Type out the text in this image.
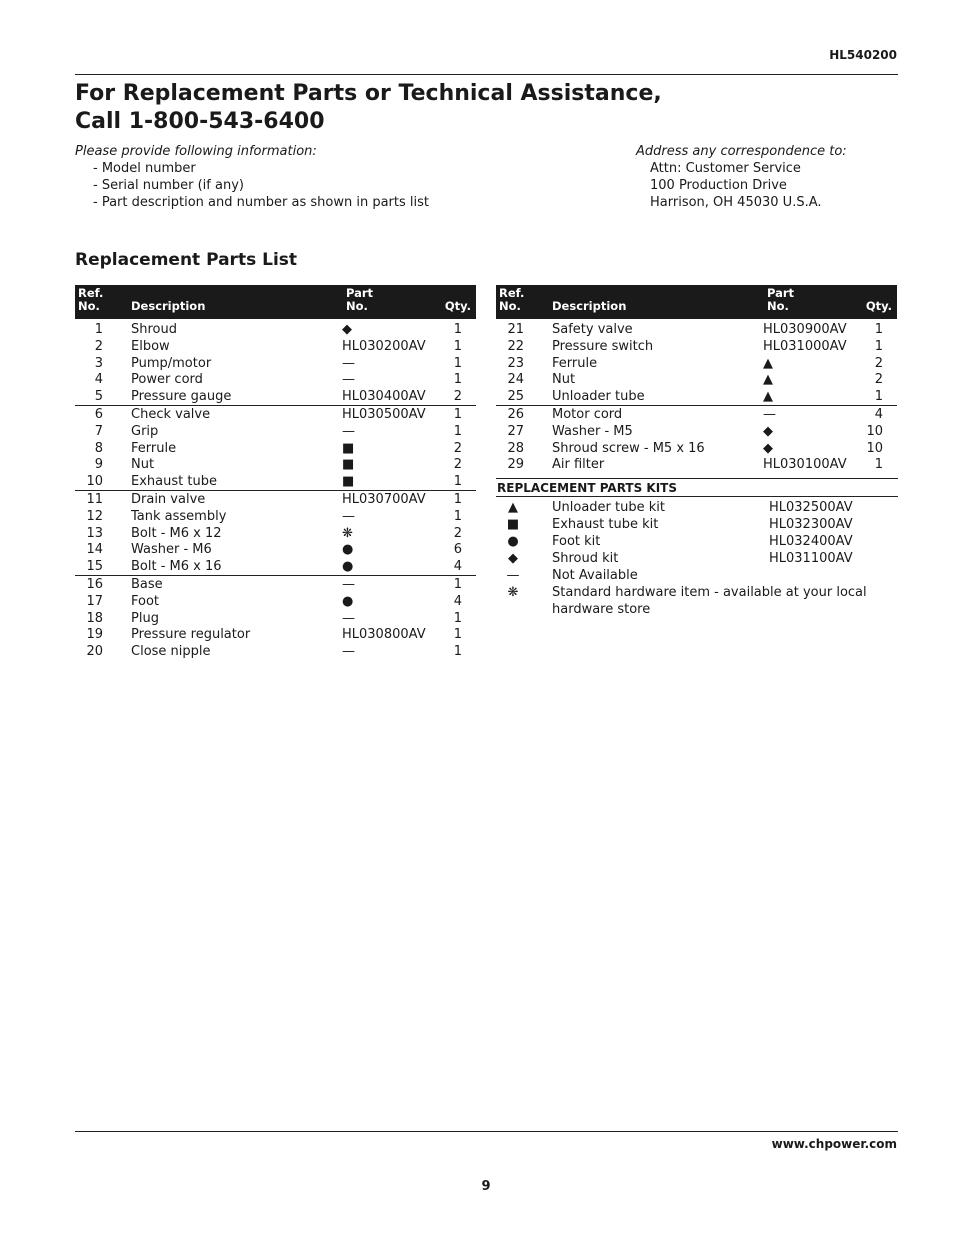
HL540200
For Replacement Parts or Technical Assistance,
Call 1-800-543-6400
Please provide following information:
- Model number
- Serial number (if any)
- Part description and number as shown in parts list
Address any correspondence to:
Attn: Customer Service
100 Production Drive
Harrison, OH 45030 U.S.A.
Replacement Parts List
Ref.
No.	Description
Part
No.	Qty.
1 Shroud	◆	1
2 Elbow	HL030200AV 1
3 Pump/motor	—	1
4 Power cord	—	1
5 Pressure gauge	HL030400AV 2
6 Check valve	HL030500AV 1
7 Grip	—	1
8 Ferrule	■	2
9 Nut	■	2
10 Exhaust tube	■	1
11 Drain valve	HL030700AV 1
12 Tank assembly	—	1
13 Bolt - M6 x 12	❋	2
14 Washer - M6	●	6
15 Bolt - M6 x 16	●	4
16 Base	—	1
17 Foot	●	4
18 Plug	—	1
19 Pressure regulator	HL030800AV 1
20 Close nipple	—	1
Ref.
No.	Description
Part
No.	Qty.
21 Safety valve	HL030900AV 1
22 Pressure switch	HL031000AV 1
23 Ferrule	▲	2
24 Nut	▲	2
25 Unloader tube	▲	1
26 Motor cord	—	4
27 Washer - M5	◆	10
28 Shroud screw - M5 x 16	◆	10
29 Air filter	HL030100AV 1
REPLACEMENT PARTS KITS
▲	Unloader tube kit	HL032500AV
■	Exhaust tube kit	HL032300AV
●	Foot kit	HL032400AV
◆	Shroud kit	HL031100AV
—	Not Available
❋	Standard hardware item - available at your local hardware store
www.chpower.com
9
